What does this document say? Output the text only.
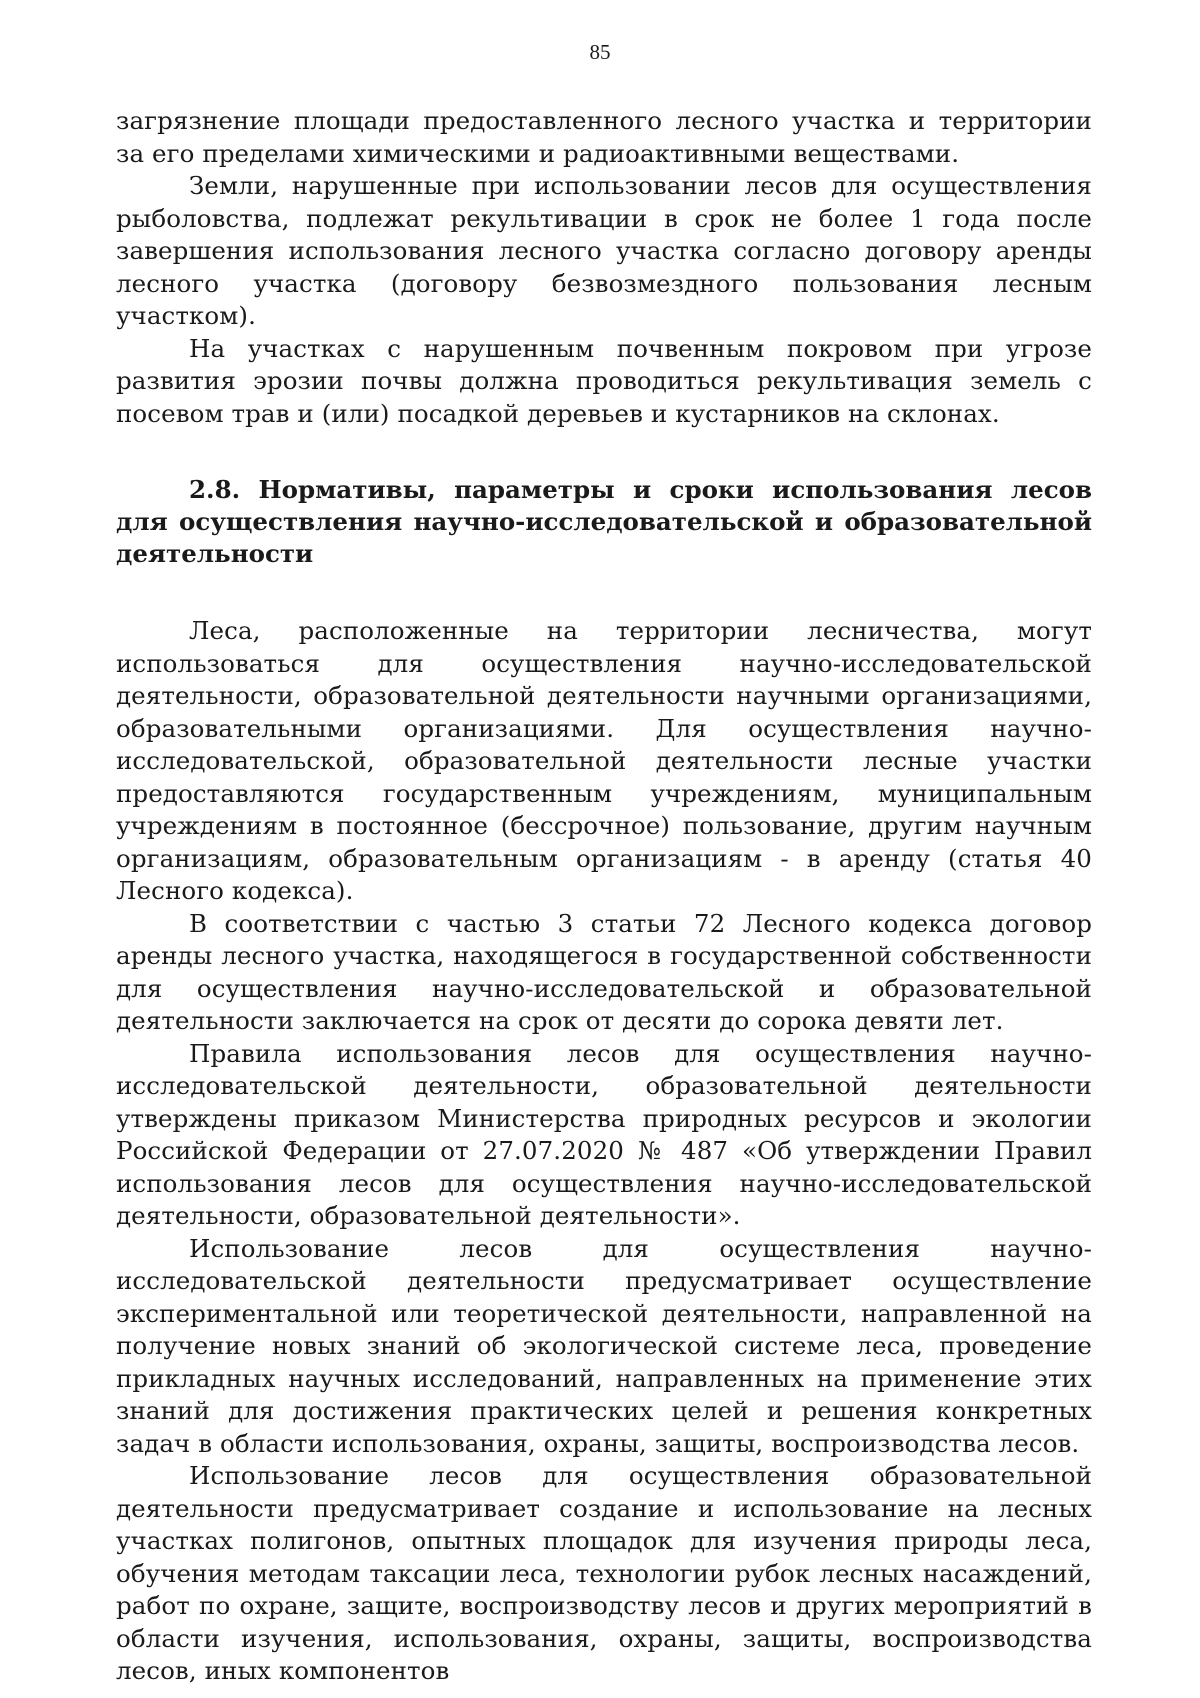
85

загрязнение площади предоставленного лесного участка и территории за его пределами химическими и радиоактивными веществами.

Земли, нарушенные при использовании лесов для осуществления рыболовства, подлежат рекультивации в срок не более 1 года после завершения использования лесного участка согласно договору аренды лесного участка (договору безвозмездного пользования лесным участком).

На участках с нарушенным почвенным покровом при угрозе развития эрозии почвы должна проводиться рекультивация земель с посевом трав и (или) посадкой деревьев и кустарников на склонах.

2.8. Нормативы, параметры и сроки использования лесов для осуществления научно-исследовательской и образовательной деятельности

Леса, расположенные на территории лесничества, могут использоваться для осуществления научно-исследовательской деятельности, образовательной деятельности научными организациями, образовательными организациями. Для осуществления научно-исследовательской, образовательной деятельности лесные участки предоставляются государственным учреждениям, муниципальным учреждениям в постоянное (бессрочное) пользование, другим научным организациям, образовательным организациям - в аренду (статья 40 Лесного кодекса).

В соответствии с частью 3 статьи 72 Лесного кодекса договор аренды лесного участка, находящегося в государственной собственности для осуществления научно-исследовательской и образовательной деятельности заключается на срок от десяти до сорока девяти лет.

Правила использования лесов для осуществления научно-исследовательской деятельности, образовательной деятельности утверждены приказом Министерства природных ресурсов и экологии Российской Федерации от 27.07.2020 № 487 «Об утверждении Правил использования лесов для осуществления научно-исследовательской деятельности, образовательной деятельности».

Использование лесов для осуществления научно-исследовательской деятельности предусматривает осуществление экспериментальной или теоретической деятельности, направленной на получение новых знаний об экологической системе леса, проведение прикладных научных исследований, направленных на применение этих знаний для достижения практических целей и решения конкретных задач в области использования, охраны, защиты, воспроизводства лесов.

Использование лесов для осуществления образовательной деятельности предусматривает создание и использование на лесных участках полигонов, опытных площадок для изучения природы леса, обучения методам таксации леса, технологии рубок лесных насаждений, работ по охране, защите, воспроизводству лесов и других мероприятий в области изучения, использования, охраны, защиты, воспроизводства лесов, иных компонентов
